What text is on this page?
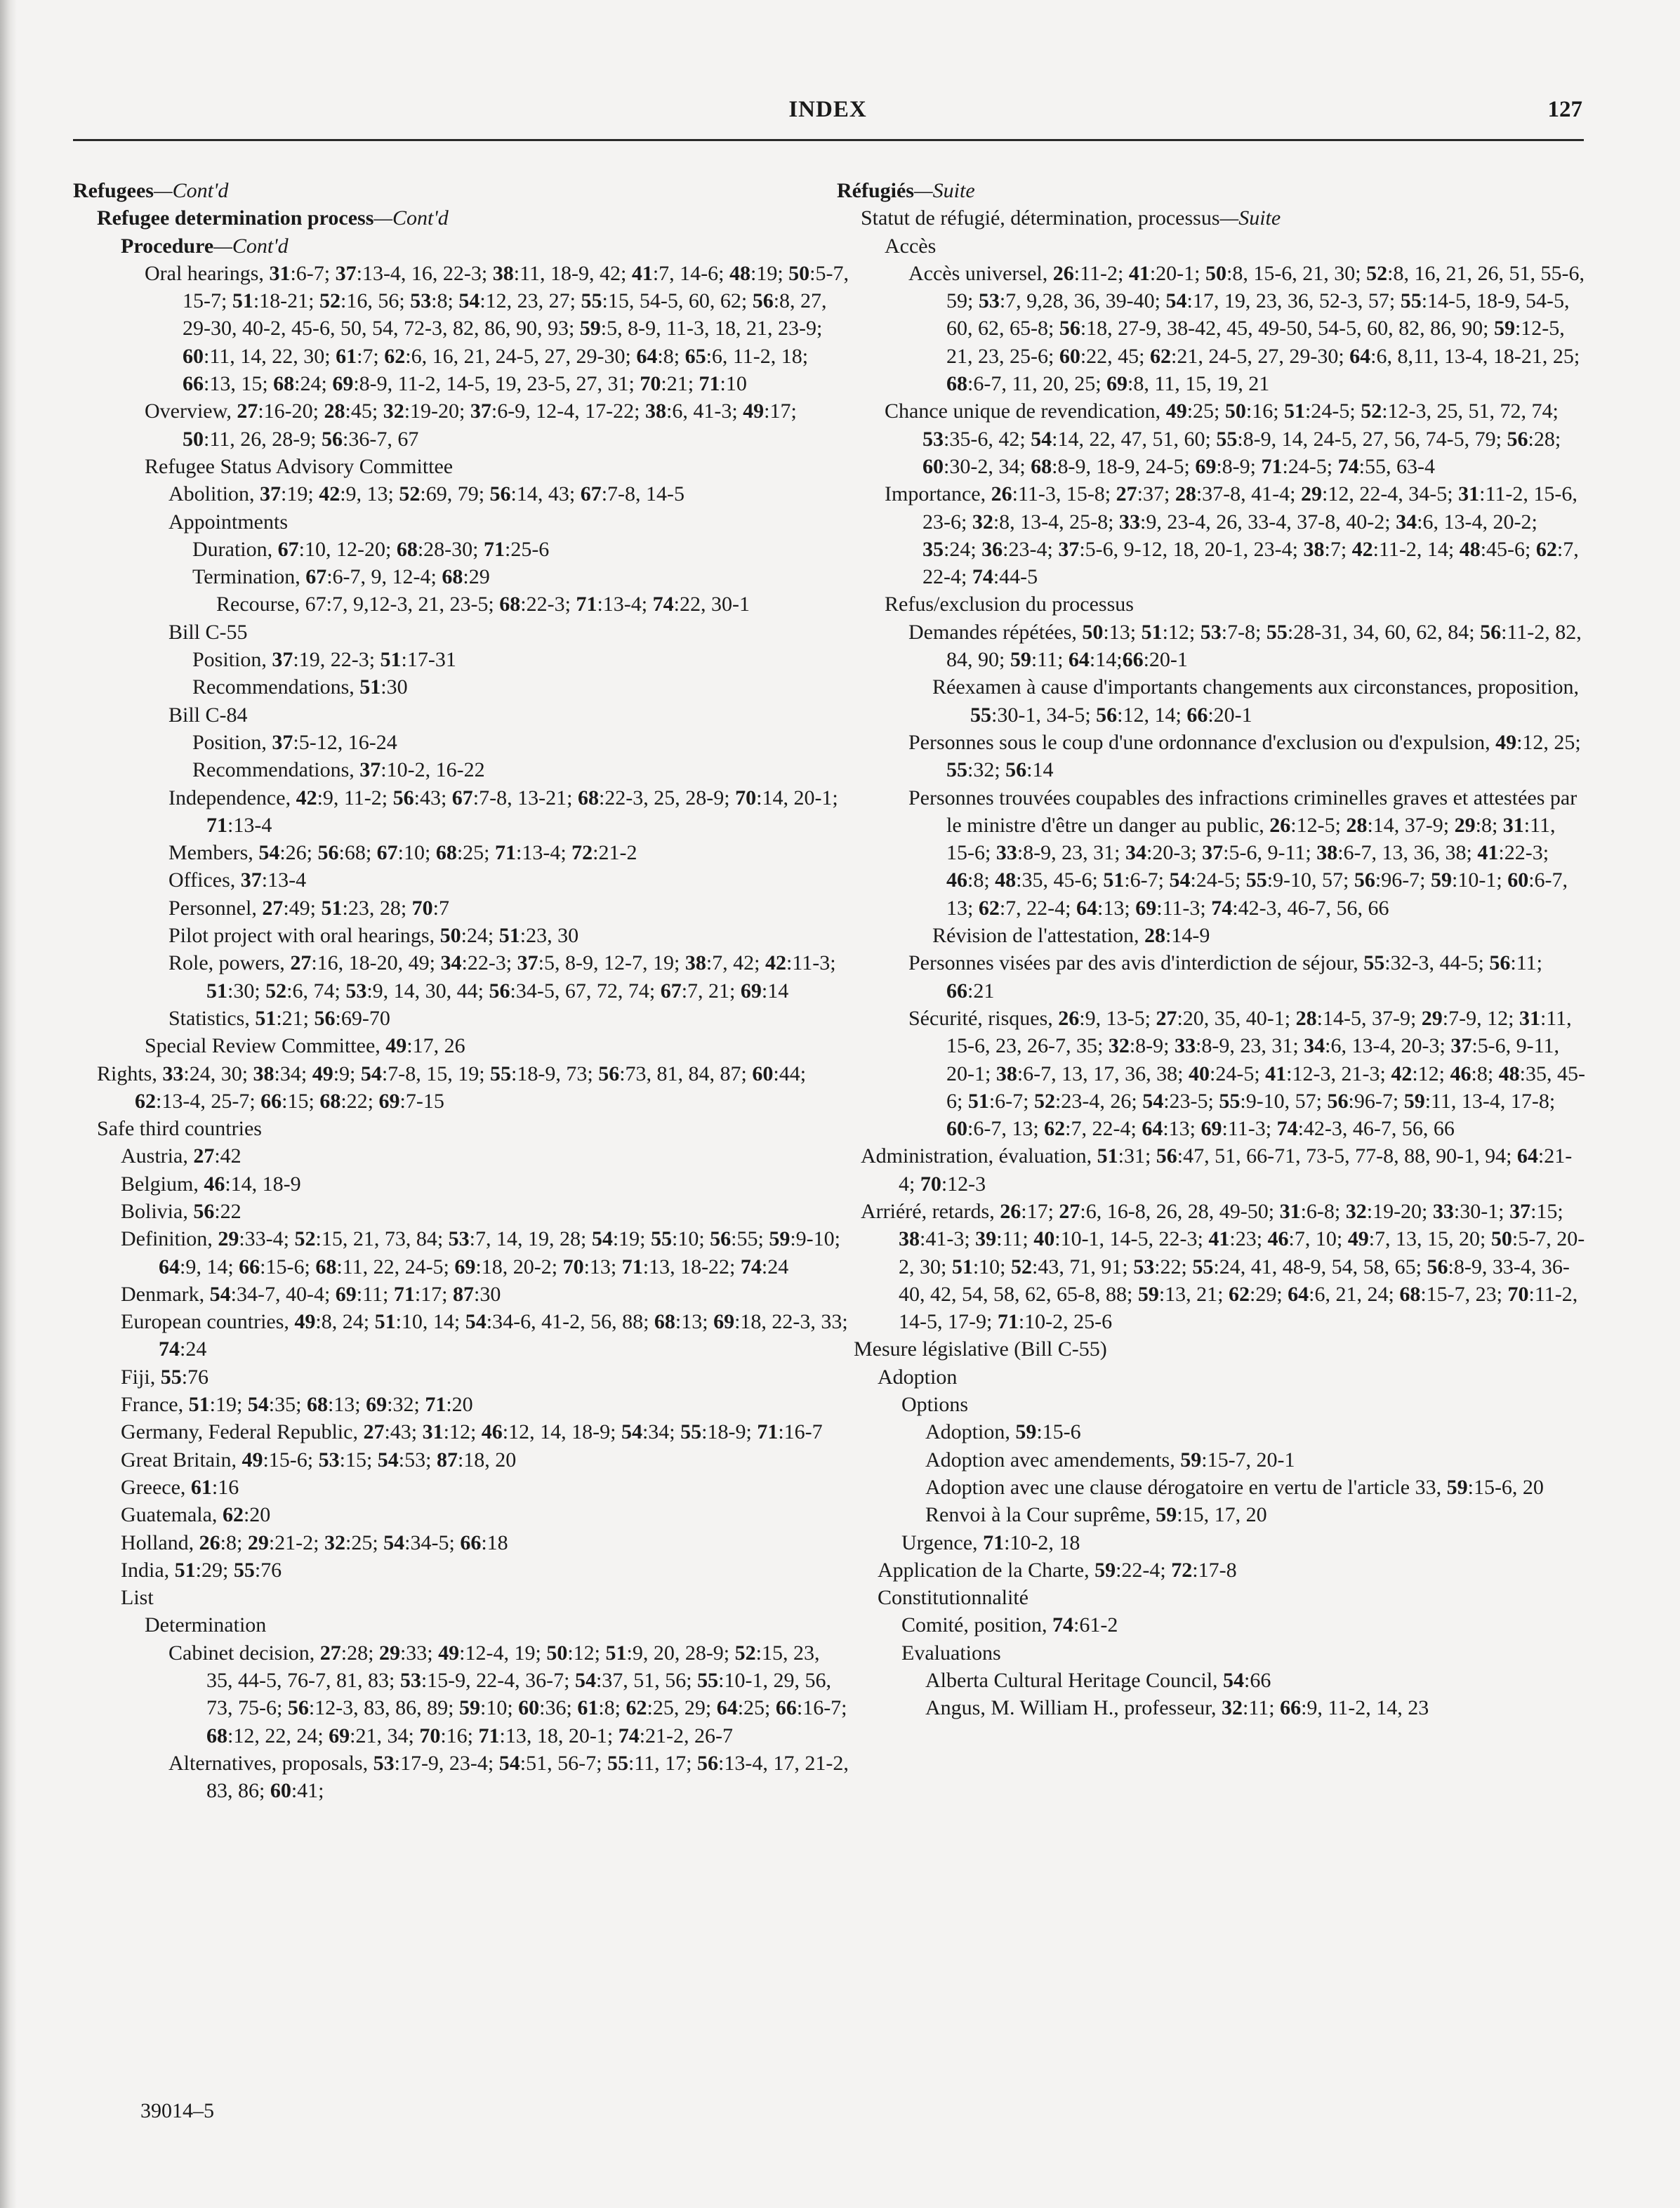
INDEX	127

Refugees—Cont'd

Refugee determination process—Cont'd

Procedure—Cont'd

Oral hearings, 31:6-7; 37:13-4, 16, 22-3; 38:11, 18-9, 42; 41:7, 14-6; 48:19; 50:5-7, 15-7; 51:18-21; 52:16, 56; 53:8; 54:12, 23, 27; 55:15, 54-5, 60, 62; 56:8, 27, 29-30, 40-2, 45-6, 50, 54, 72-3, 82, 86, 90, 93; 59:5, 8-9, 11-3, 18, 21, 23-9; 60:11, 14, 22, 30; 61:7; 62:6, 16, 21, 24-5, 27, 29-30; 64:8; 65:6, 11-2, 18; 66:13, 15; 68:24; 69:8-9, 11-2, 14-5, 19, 23-5, 27, 31; 70:21; 71:10

Overview, 27:16-20; 28:45; 32:19-20; 37:6-9, 12-4, 17-22; 38:6, 41-3; 49:17; 50:11, 26, 28-9; 56:36-7, 67

Refugee Status Advisory Committee

Abolition, 37:19; 42:9, 13; 52:69, 79; 56:14, 43; 67:7-8, 14-5

Appointments

Duration, 67:10, 12-20; 68:28-30; 71:25-6

Termination, 67:6-7, 9, 12-4; 68:29

Recourse, 67:7, 9,12-3, 21, 23-5; 68:22-3; 71:13-4; 74:22, 30-1

Bill C-55

Position, 37:19, 22-3; 51:17-31

Recommendations, 51:30

Bill C-84

Position, 37:5-12, 16-24

Recommendations, 37:10-2, 16-22

Independence, 42:9, 11-2; 56:43; 67:7-8, 13-21; 68:22-3, 25, 28-9; 70:14, 20-1; 71:13-4

Members, 54:26; 56:68; 67:10; 68:25; 71:13-4; 72:21-2

Offices, 37:13-4

Personnel, 27:49; 51:23, 28; 70:7

Pilot project with oral hearings, 50:24; 51:23, 30

Role, powers, 27:16, 18-20, 49; 34:22-3; 37:5, 8-9, 12-7, 19; 38:7, 42; 42:11-3; 51:30; 52:6, 74; 53:9, 14, 30, 44; 56:34-5, 67, 72, 74; 67:7, 21; 69:14

Statistics, 51:21; 56:69-70

Special Review Committee, 49:17, 26

Rights, 33:24, 30; 38:34; 49:9; 54:7-8, 15, 19; 55:18-9, 73; 56:73, 81, 84, 87; 60:44; 62:13-4, 25-7; 66:15; 68:22; 69:7-15

Safe third countries

Austria, 27:42

Belgium, 46:14, 18-9

Bolivia, 56:22

Definition, 29:33-4; 52:15, 21, 73, 84; 53:7, 14, 19, 28; 54:19; 55:10; 56:55; 59:9-10; 64:9, 14; 66:15-6; 68:11, 22, 24-5; 69:18, 20-2; 70:13; 71:13, 18-22; 74:24

Denmark, 54:34-7, 40-4; 69:11; 71:17; 87:30

European countries, 49:8, 24; 51:10, 14; 54:34-6, 41-2, 56, 88; 68:13; 69:18, 22-3, 33; 74:24

Fiji, 55:76

France, 51:19; 54:35; 68:13; 69:32; 71:20

Germany, Federal Republic, 27:43; 31:12; 46:12, 14, 18-9; 54:34; 55:18-9; 71:16-7

Great Britain, 49:15-6; 53:15; 54:53; 87:18, 20

Greece, 61:16

Guatemala, 62:20

Holland, 26:8; 29:21-2; 32:25; 54:34-5; 66:18

India, 51:29; 55:76

List

Determination

Cabinet decision, 27:28; 29:33; 49:12-4, 19; 50:12; 51:9, 20, 28-9; 52:15, 23, 35, 44-5, 76-7, 81, 83; 53:15-9, 22-4, 36-7; 54:37, 51, 56; 55:10-1, 29, 56, 73, 75-6; 56:12-3, 83, 86, 89; 59:10; 60:36; 61:8; 62:25, 29; 64:25; 66:16-7; 68:12, 22, 24; 69:21, 34; 70:16; 71:13, 18, 20-1; 74:21-2, 26-7

Alternatives, proposals, 53:17-9, 23-4; 54:51, 56-7; 55:11, 17; 56:13-4, 17, 21-2, 83, 86; 60:41;

Réfugiés—Suite

Statut de réfugié, détermination, processus—Suite

Accès

Accès universel, 26:11-2; 41:20-1; 50:8, 15-6, 21, 30; 52:8, 16, 21, 26, 51, 55-6, 59; 53:7, 9,28, 36, 39-40; 54:17, 19, 23, 36, 52-3, 57; 55:14-5, 18-9, 54-5, 60, 62, 65-8; 56:18, 27-9, 38-42, 45, 49-50, 54-5, 60, 82, 86, 90; 59:12-5, 21, 23, 25-6; 60:22, 45; 62:21, 24-5, 27, 29-30; 64:6, 8,11, 13-4, 18-21, 25; 68:6-7, 11, 20, 25; 69:8, 11, 15, 19, 21

Chance unique de revendication, 49:25; 50:16; 51:24-5; 52:12-3, 25, 51, 72, 74; 53:35-6, 42; 54:14, 22, 47, 51, 60; 55:8-9, 14, 24-5, 27, 56, 74-5, 79; 56:28; 60:30-2, 34; 68:8-9, 18-9, 24-5; 69:8-9; 71:24-5; 74:55, 63-4

Importance, 26:11-3, 15-8; 27:37; 28:37-8, 41-4; 29:12, 22-4, 34-5; 31:11-2, 15-6, 23-6; 32:8, 13-4, 25-8; 33:9, 23-4, 26, 33-4, 37-8, 40-2; 34:6, 13-4, 20-2; 35:24; 36:23-4; 37:5-6, 9-12, 18, 20-1, 23-4; 38:7; 42:11-2, 14; 48:45-6; 62:7, 22-4; 74:44-5

Refus/exclusion du processus

Demandes répétées, 50:13; 51:12; 53:7-8; 55:28-31, 34, 60, 62, 84; 56:11-2, 82, 84, 90; 59:11; 64:14;66:20-1

Réexamen à cause d'importants changements aux circonstances, proposition, 55:30-1, 34-5; 56:12, 14; 66:20-1

Personnes sous le coup d'une ordonnance d'exclusion ou d'expulsion, 49:12, 25; 55:32; 56:14

Personnes trouvées coupables des infractions criminelles graves et attestées par le ministre d'être un danger au public, 26:12-5; 28:14, 37-9; 29:8; 31:11, 15-6; 33:8-9, 23, 31; 34:20-3; 37:5-6, 9-11; 38:6-7, 13, 36, 38; 41:22-3; 46:8; 48:35, 45-6; 51:6-7; 54:24-5; 55:9-10, 57; 56:96-7; 59:10-1; 60:6-7, 13; 62:7, 22-4; 64:13; 69:11-3; 74:42-3, 46-7, 56, 66

Révision de l'attestation, 28:14-9

Personnes visées par des avis d'interdiction de séjour, 55:32-3, 44-5; 56:11; 66:21

Sécurité, risques, 26:9, 13-5; 27:20, 35, 40-1; 28:14-5, 37-9; 29:7-9, 12; 31:11, 15-6, 23, 26-7, 35; 32:8-9; 33:8-9, 23, 31; 34:6, 13-4, 20-3; 37:5-6, 9-11, 20-1; 38:6-7, 13, 17, 36, 38; 40:24-5; 41:12-3, 21-3; 42:12; 46:8; 48:35, 45-6; 51:6-7; 52:23-4, 26; 54:23-5; 55:9-10, 57; 56:96-7; 59:11, 13-4, 17-8; 60:6-7, 13; 62:7, 22-4; 64:13; 69:11-3; 74:42-3, 46-7, 56, 66

Administration, évaluation, 51:31; 56:47, 51, 66-71, 73-5, 77-8, 88, 90-1, 94; 64:21-4; 70:12-3

Arriéré, retards, 26:17; 27:6, 16-8, 26, 28, 49-50; 31:6-8; 32:19-20; 33:30-1; 37:15; 38:41-3; 39:11; 40:10-1, 14-5, 22-3; 41:23; 46:7, 10; 49:7, 13, 15, 20; 50:5-7, 20-2, 30; 51:10; 52:43, 71, 91; 53:22; 55:24, 41, 48-9, 54, 58, 65; 56:8-9, 33-4, 36-40, 42, 54, 58, 62, 65-8, 88; 59:13, 21; 62:29; 64:6, 21, 24; 68:15-7, 23; 70:11-2, 14-5, 17-9; 71:10-2, 25-6

Mesure législative (Bill C-55)

Adoption

Options

Adoption, 59:15-6

Adoption avec amendements, 59:15-7, 20-1

Adoption avec une clause dérogatoire en vertu de l'article 33, 59:15-6, 20

Renvoi à la Cour suprême, 59:15, 17, 20

Urgence, 71:10-2, 18

Application de la Charte, 59:22-4; 72:17-8

Constitutionnalité

Comité, position, 74:61-2

Evaluations

Alberta Cultural Heritage Council, 54:66

Angus, M. William H., professeur, 32:11; 66:9, 11-2, 14, 23

39014–5
